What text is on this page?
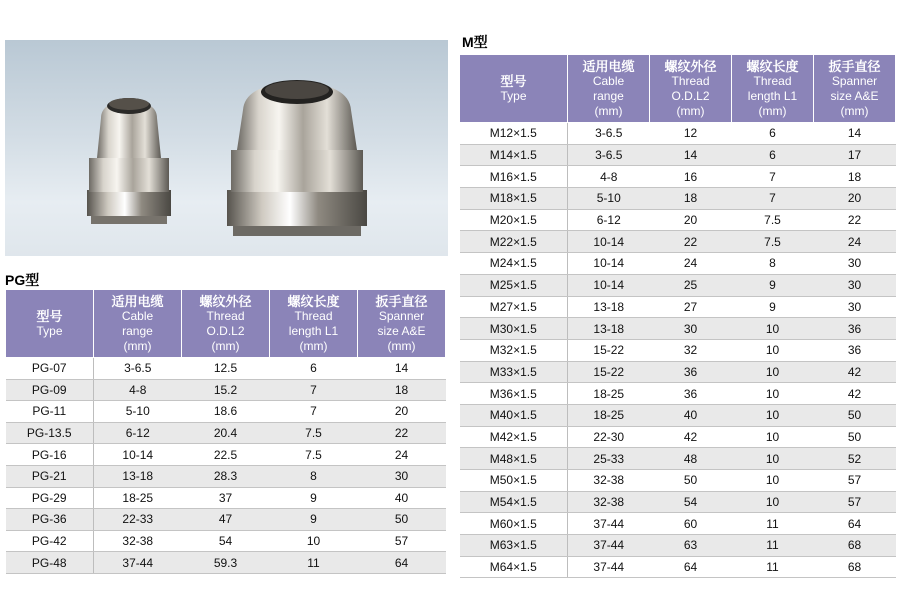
PG型
型号
Type	适用电缆
Cable
range
(mm)	螺纹外径
Thread
O.D.L2
(mm)	螺纹长度
Thread
length L1
(mm)	扳手直径
Spanner
size A&E
(mm)

PG-07	3-6.5	12.5	6	14
PG-09	4-8	15.2	7	18
PG-11	5-10	18.6	7	20
PG-13.5	6-12	20.4	7.5	22
PG-16	10-14	22.5	7.5	24
PG-21	13-18	28.3	8	30
PG-29	18-25	37	9	40
PG-36	22-33	47	9	50
PG-42	32-38	54	10	57
PG-48	37-44	59.3	11	64
M型
型号
Type	适用电缆
Cable
range
(mm)	螺纹外径
Thread
O.D.L2
(mm)	螺纹长度
Thread
length L1
(mm)	扳手直径
Spanner
size A&E
(mm)

M12×1.5	3-6.5	12	6	14
M14×1.5	3-6.5	14	6	17
M16×1.5	4-8	16	7	18
M18×1.5	5-10	18	7	20
M20×1.5	6-12	20	7.5	22
M22×1.5	10-14	22	7.5	24
M24×1.5	10-14	24	8	30
M25×1.5	10-14	25	9	30
M27×1.5	13-18	27	9	30
M30×1.5	13-18	30	10	36
M32×1.5	15-22	32	10	36
M33×1.5	15-22	36	10	42
M36×1.5	18-25	36	10	42
M40×1.5	18-25	40	10	50
M42×1.5	22-30	42	10	50
M48×1.5	25-33	48	10	52
M50×1.5	32-38	50	10	57
M54×1.5	32-38	54	10	57
M60×1.5	37-44	60	11	64
M63×1.5	37-44	63	11	68
M64×1.5	37-44	64	11	68
